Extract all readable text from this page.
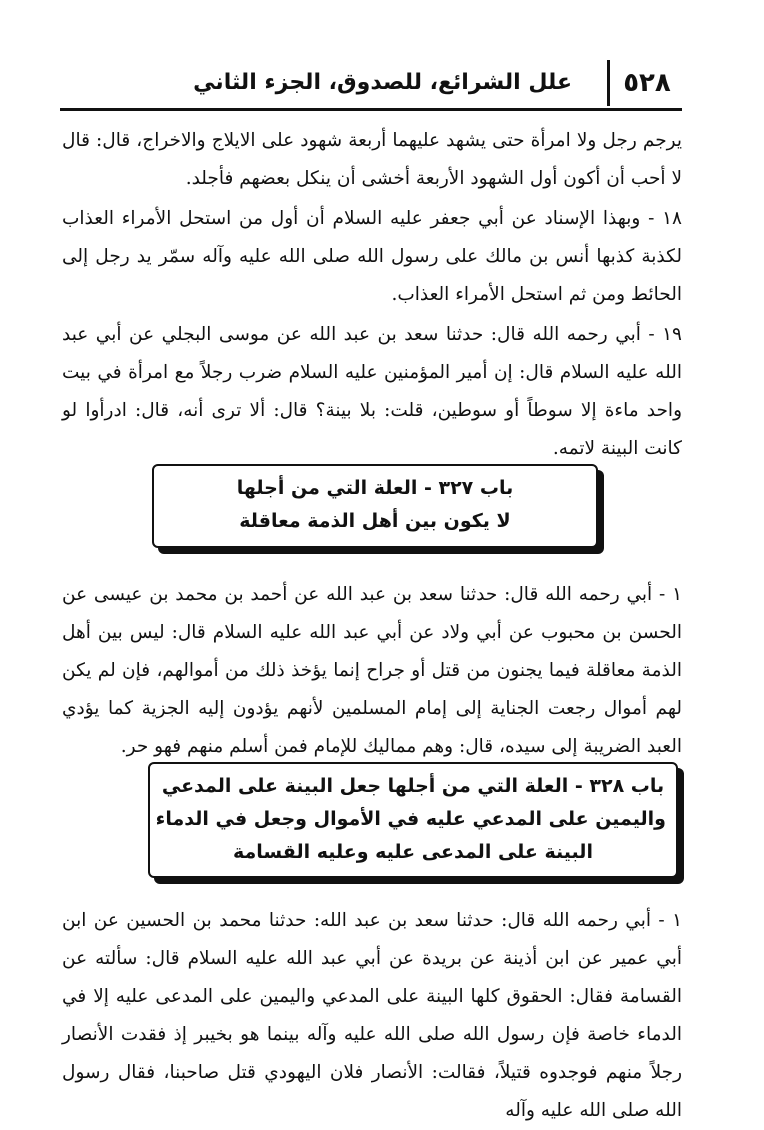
٥٢٨
علل الشرائع، للصدوق، الجزء الثاني

يرجم رجل ولا امرأة حتى يشهد عليهما أربعة شهود على الايلاج والاخراج، قال: قال لا أحب أن أكون أول الشهود الأربعة أخشى أن ينكل بعضهم فأجلد.

١٨ - وبهذا الإسناد عن أبي جعفر عليه السلام أن أول من استحل الأمراء العذاب لكذبة كذبها أنس بن مالك على رسول الله صلى الله عليه وآله سمّر يد رجل إلى الحائط ومن ثم استحل الأمراء العذاب.

١٩ - أبي رحمه الله قال: حدثنا سعد بن عبد الله عن موسى البجلي عن أبي عبد الله عليه السلام قال: إن أمير المؤمنين عليه السلام ضرب رجلاً مع امرأة في بيت واحد ماءة إلا سوطاً أو سوطين، قلت: بلا بينة؟ قال: ألا ترى أنه، قال: ادرأوا لو كانت البينة لاتمه.

باب ٣٢٧ - العلة التي من أجلها
لا يكون بين أهل الذمة معاقلة

١ - أبي رحمه الله قال: حدثنا سعد بن عبد الله عن أحمد بن محمد بن عيسى عن الحسن بن محبوب عن أبي ولاد عن أبي عبد الله عليه السلام قال: ليس بين أهل الذمة معاقلة فيما يجنون من قتل أو جراح إنما يؤخذ ذلك من أموالهم، فإن لم يكن لهم أموال رجعت الجناية إلى إمام المسلمين لأنهم يؤدون إليه الجزية كما يؤدي العبد الضريبة إلى سيده، قال: وهم مماليك للإمام فمن أسلم منهم فهو حر.

باب ٣٢٨ - العلة التي من أجلها جعل البينة على المدعي
واليمين على المدعي عليه في الأموال وجعل في الدماء
البينة على المدعى عليه وعليه القسامة

١ - أبي رحمه الله قال: حدثنا سعد بن عبد الله: حدثنا محمد بن الحسين عن ابن أبي عمير عن ابن أذينة عن بريدة عن أبي عبد الله عليه السلام قال: سألته عن القسامة فقال: الحقوق كلها البينة على المدعي واليمين على المدعى عليه إلا في الدماء خاصة فإن رسول الله صلى الله عليه وآله بينما هو بخيبر إذ فقدت الأنصار رجلاً منهم فوجدوه قتيلاً، فقالت: الأنصار فلان اليهودي قتل صاحبنا، فقال رسول الله صلى الله عليه وآله
